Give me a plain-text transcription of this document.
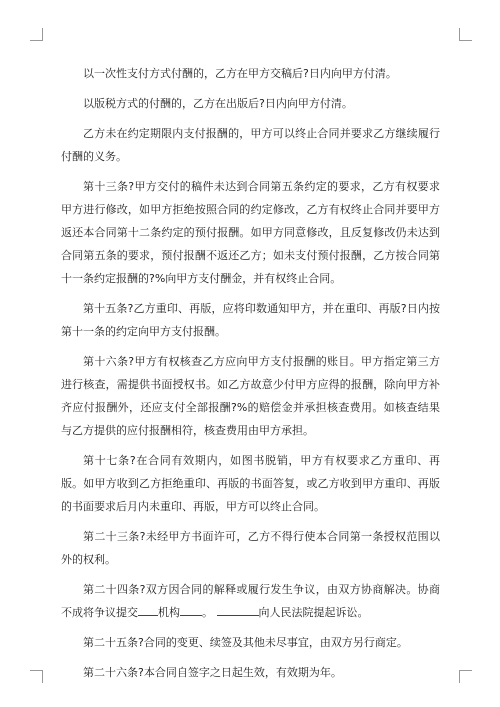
以一次性支付方式付酬的，乙方在甲方交稿后?日内向甲方付清。

以版税方式的付酬的，乙方在出版后?日内向甲方付清。

乙方未在约定期限内支付报酬的，甲方可以终止合同并要求乙方继续履行付酬的义务。

第十三条?甲方交付的稿件未达到合同第五条约定的要求，乙方有权要求甲方进行修改，如甲方拒绝按照合同的约定修改，乙方有权终止合同并要甲方返还本合同第十二条约定的预付报酬。如甲方同意修改，且反复修改仍未达到合同第五条的要求，预付报酬不返还乙方；如未支付预付报酬，乙方按合同第十一条约定报酬的?%向甲方支付酬金，并有权终止合同。

第十五条?乙方重印、再版，应将印数通知甲方，并在重印、再版?日内按第十一条的约定向甲方支付报酬。

第十六条?甲方有权核查乙方应向甲方支付报酬的账目。甲方指定第三方进行核查，需提供书面授权书。如乙方故意少付甲方应得的报酬，除向甲方补齐应付报酬外，还应支付全部报酬?%的赔偿金并承担核查费用。如核查结果与乙方提供的应付报酬相符，核查费用由甲方承担。

第十七条?在合同有效期内，如图书脱销，甲方有权要求乙方重印、再版。如甲方收到乙方拒绝重印、再版的书面答复，或乙方收到甲方重印、再版的书面要求后月内未重印、再版，甲方可以终止合同。

第二十三条?未经甲方书面许可，乙方不得行使本合同第一条授权范围以外的权利。

第二十四条?双方因合同的解释或履行发生争议，由双方协商解决。协商不成将争议提交 机构 。	向人民法院提起诉讼。

第二十五条?合同的变更、续签及其他未尽事宜，由双方另行商定。

第二十六条?本合同自签字之日起生效，有效期为年。
